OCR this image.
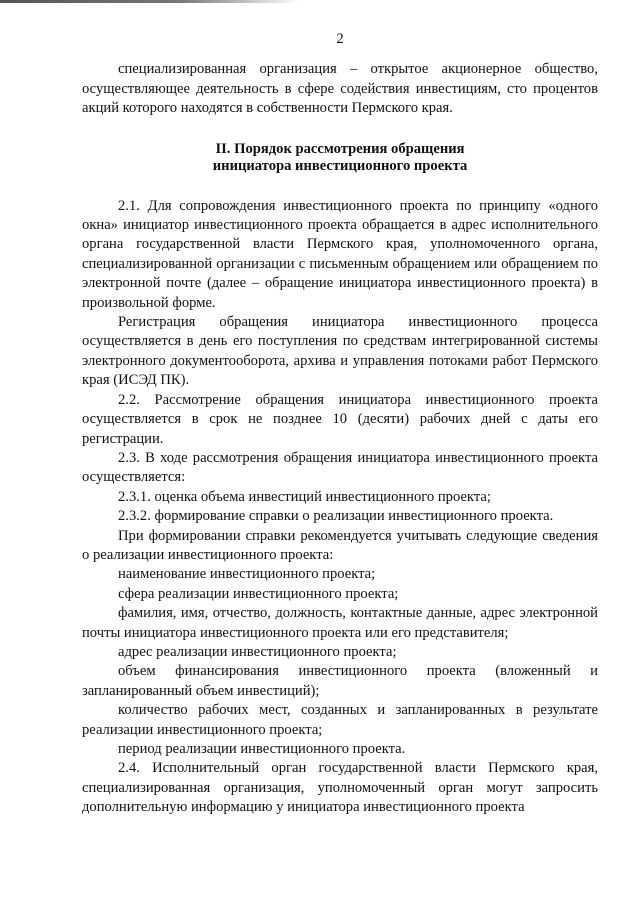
2

специализированная организация – открытое акционерное общество, осуществляющее деятельность в сфере содействия инвестициям, сто процентов акций которого находятся в собственности Пермского края.

II. Порядок рассмотрения обращения
инициатора инвестиционного проекта

2.1. Для сопровождения инвестиционного проекта по принципу «одного окна» инициатор инвестиционного проекта обращается в адрес исполнительного органа государственной власти Пермского края, уполномоченного органа, специализированной организации с письменным обращением или обращением по электронной почте (далее – обращение инициатора инвестиционного проекта) в произвольной форме.

Регистрация обращения инициатора инвестиционного процесса осуществляется в день его поступления по средствам интегрированной системы электронного документооборота, архива и управления потоками работ Пермского края (ИСЭД ПК).

2.2. Рассмотрение обращения инициатора инвестиционного проекта осуществляется в срок не позднее 10 (десяти) рабочих дней с даты его регистрации.

2.3. В ходе рассмотрения обращения инициатора инвестиционного проекта осуществляется:

2.3.1. оценка объема инвестиций инвестиционного проекта;

2.3.2. формирование справки о реализации инвестиционного проекта.

При формировании справки рекомендуется учитывать следующие сведения о реализации инвестиционного проекта:

наименование инвестиционного проекта;

сфера реализации инвестиционного проекта;

фамилия, имя, отчество, должность, контактные данные, адрес электронной почты инициатора инвестиционного проекта или его представителя;

адрес реализации инвестиционного проекта;

объем финансирования инвестиционного проекта (вложенный и запланированный объем инвестиций);

количество рабочих мест, созданных и запланированных в результате реализации инвестиционного проекта;

период реализации инвестиционного проекта.

2.4. Исполнительный орган государственной власти Пермского края, специализированная организация, уполномоченный орган могут запросить дополнительную информацию у инициатора инвестиционного проекта
